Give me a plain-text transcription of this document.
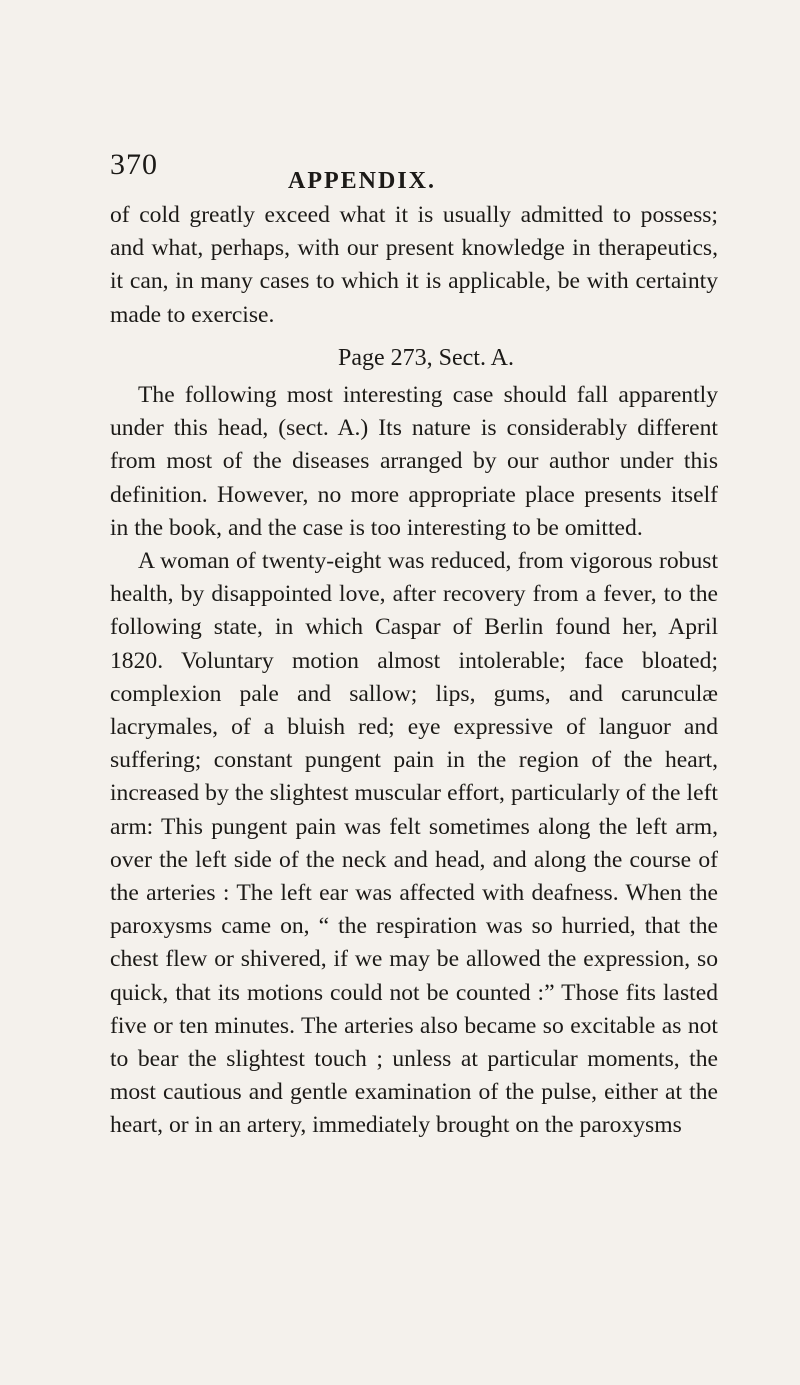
370	APPENDIX.

of cold greatly exceed what it is usually admitted to possess; and what, perhaps, with our present knowledge in therapeutics, it can, in many cases to which it is applicable, be with certainty made to exercise.

Page 273, Sect. A.

The following most interesting case should fall apparently under this head, (sect. A.) Its nature is considerably different from most of the diseases arranged by our author under this definition. However, no more appropriate place presents itself in the book, and the case is too interesting to be omitted.

A woman of twenty-eight was reduced, from vigorous robust health, by disappointed love, after recovery from a fever, to the following state, in which Caspar of Berlin found her, April 1820. Voluntary motion almost intolerable; face bloated; complexion pale and sallow; lips, gums, and carunculæ lacrymales, of a bluish red; eye expressive of languor and suffering; constant pungent pain in the region of the heart, increased by the slightest muscular effort, particularly of the left arm: This pungent pain was felt sometimes along the left arm, over the left side of the neck and head, and along the course of the arteries : The left ear was affected with deafness. When the paroxysms came on, “ the respiration was so hurried, that the chest flew or shivered, if we may be allowed the expression, so quick, that its motions could not be counted :” Those fits lasted five or ten minutes. The arteries also became so excitable as not to bear the slightest touch ; unless at particular moments, the most cautious and gentle examination of the pulse, either at the heart, or in an artery, immediately brought on the paroxysms
